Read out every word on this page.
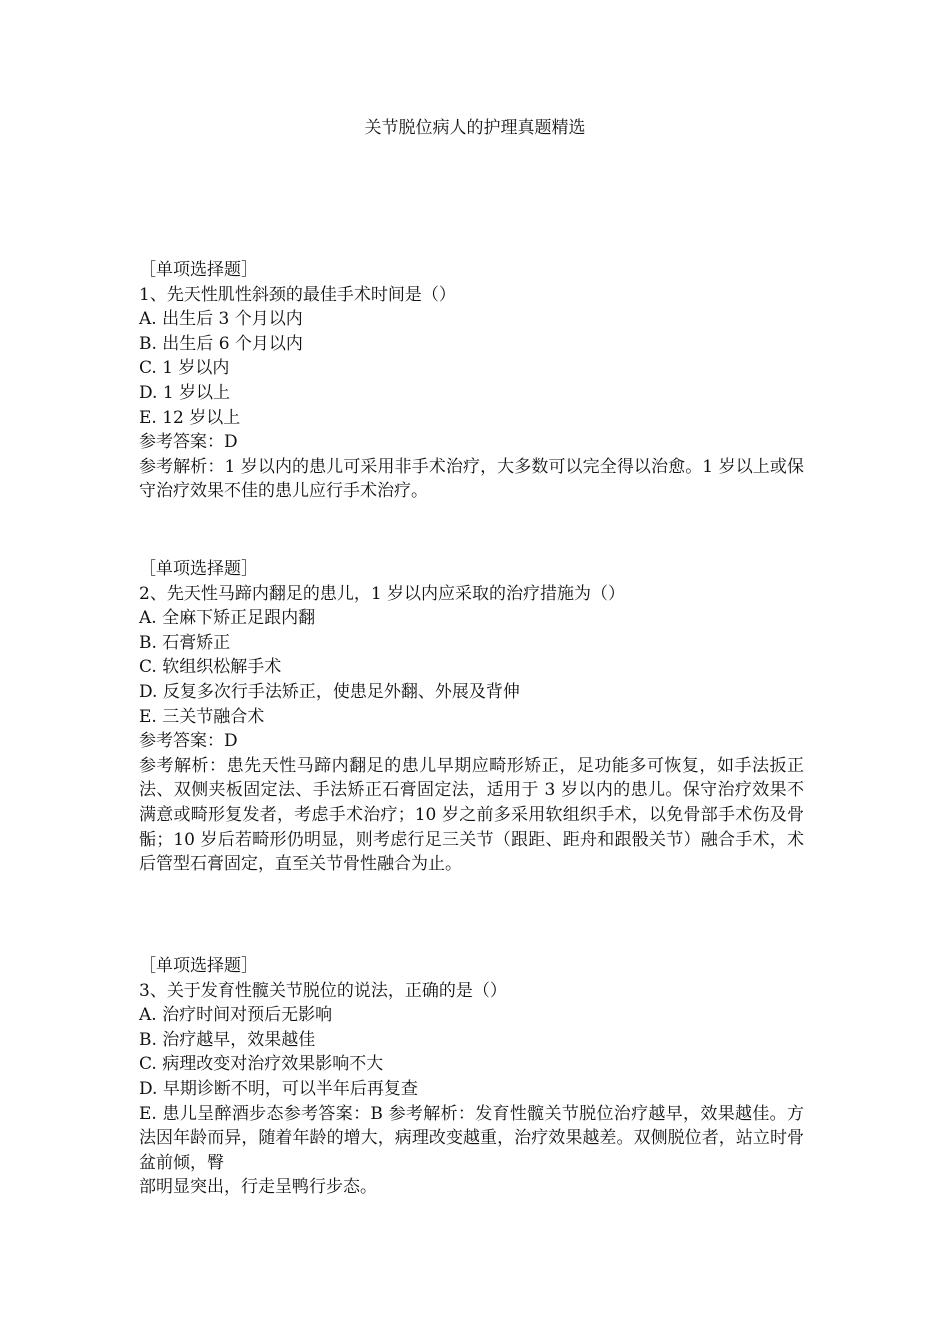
关节脱位病人的护理真题精选
［单项选择题］
1、先天性肌性斜颈的最佳手术时间是（）
A. 出生后 3 个月以内
B. 出生后 6 个月以内
C. 1 岁以内
D. 1 岁以上
E. 12 岁以上
参考答案：D
参考解析：1 岁以内的患儿可采用非手术治疗，大多数可以完全得以治愈。1 岁以上或保守治疗效果不佳的患儿应行手术治疗。
［单项选择题］
2、先天性马蹄内翻足的患儿，1 岁以内应采取的治疗措施为（）
A. 全麻下矫正足跟内翻
B. 石膏矫正
C. 软组织松解手术
D. 反复多次行手法矫正，使患足外翻、外展及背伸
E. 三关节融合术
参考答案：D
参考解析：患先天性马蹄内翻足的患儿早期应畸形矫正，足功能多可恢复，如手法扳正法、双侧夹板固定法、手法矫正石膏固定法，适用于 3 岁以内的患儿。保守治疗效果不满意或畸形复发者，考虑手术治疗；10 岁之前多采用软组织手术，以免骨部手术伤及骨骺；10 岁后若畸形仍明显，则考虑行足三关节（跟距、距舟和跟骰关节）融合手术，术后管型石膏固定，直至关节骨性融合为止。
［单项选择题］
3、关于发育性髋关节脱位的说法，正确的是（）
A. 治疗时间对预后无影响
B. 治疗越早，效果越佳
C. 病理改变对治疗效果影响不大
D. 早期诊断不明，可以半年后再复查
E. 患儿呈醉酒步态参考答案：B 参考解析：发育性髋关节脱位治疗越早，效果越佳。方法因年龄而异，随着年龄的增大，病理改变越重，治疗效果越差。双侧脱位者，站立时骨盆前倾，臀
部明显突出，行走呈鸭行步态。
